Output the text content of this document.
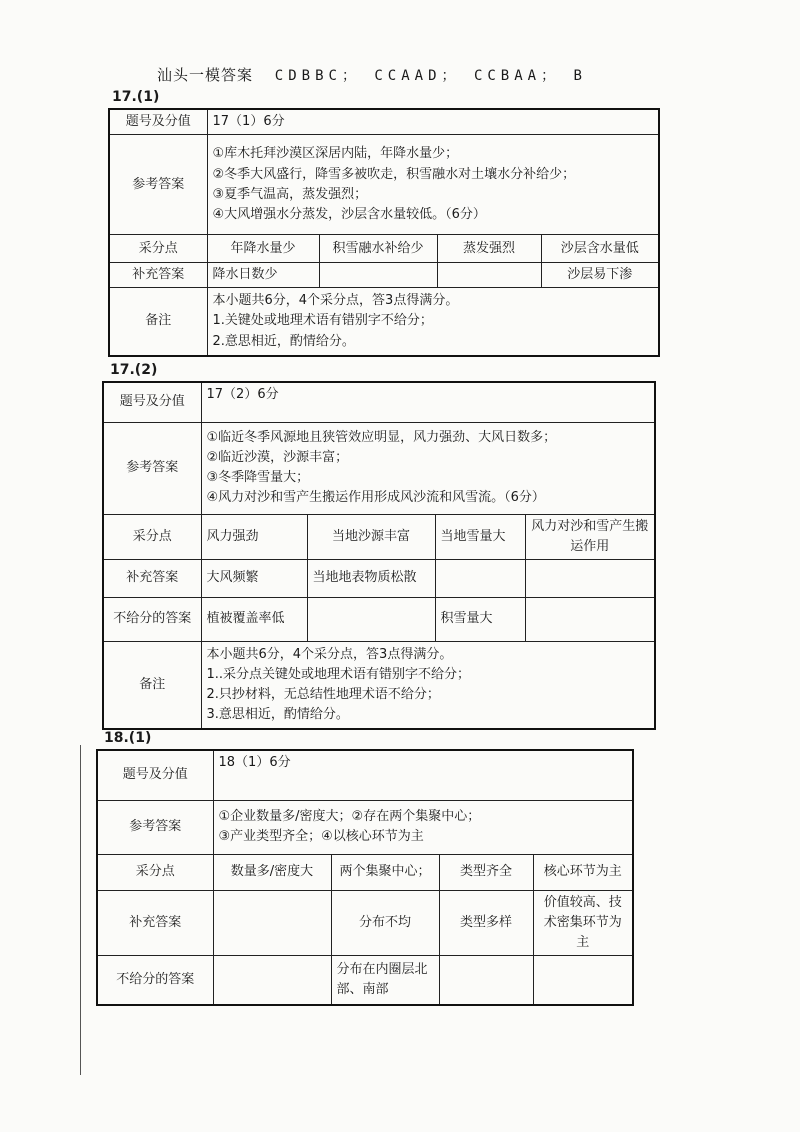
汕头一模答案 CDBBC； CCAAD； CCBAA； B
17.(1)
题号及分值	17（1）6分			
参考答案	①库木托拜沙漠区深居内陆，年降水量少；
②冬季大风盛行，降雪多被吹走，积雪融水对土壤水分补给少；
③夏季气温高，蒸发强烈；
④大风增强水分蒸发，沙层含水量较低。（6分）			

采分点	年降水量少	积雪融水补给少	蒸发强烈	沙层含水量低
补充答案	降水日数少			沙层易下渗
备注	本小题共6分，4个采分点，答3点得满分。
1.关键处或地理术语有错别字不给分；
2.意思相近，酌情给分。			
17.(2)
题号及分值	17（2）6分			
参考答案	①临近冬季风源地且狭管效应明显，风力强劲、大风日数多；
②临近沙漠，沙源丰富；
③冬季降雪量大；
④风力对沙和雪产生搬运作用形成风沙流和风雪流。（6分）			

采分点	风力强劲	当地沙源丰富	当地雪量大	风力对沙和雪产生搬运作用
补充答案	大风频繁	当地地表物质松散		
不给分的答案	植被覆盖率低		积雪量大	
备注	本小题共6分，4个采分点，答3点得满分。
1..采分点关键处或地理术语有错别字不给分；
2.只抄材料，无总结性地理术语不给分；
3.意思相近，酌情给分。			
18.(1)
题号及分值	18（1）6分			
参考答案	①企业数量多/密度大；②存在两个集聚中心；
③产业类型齐全；④以核心环节为主			

采分点	数量多/密度大	两个集聚中心；	类型齐全	核心环节为主
补充答案		分布不均	类型多样	价值较高、技术密集环节为主
不给分的答案		分布在内圈层北部、南部		
